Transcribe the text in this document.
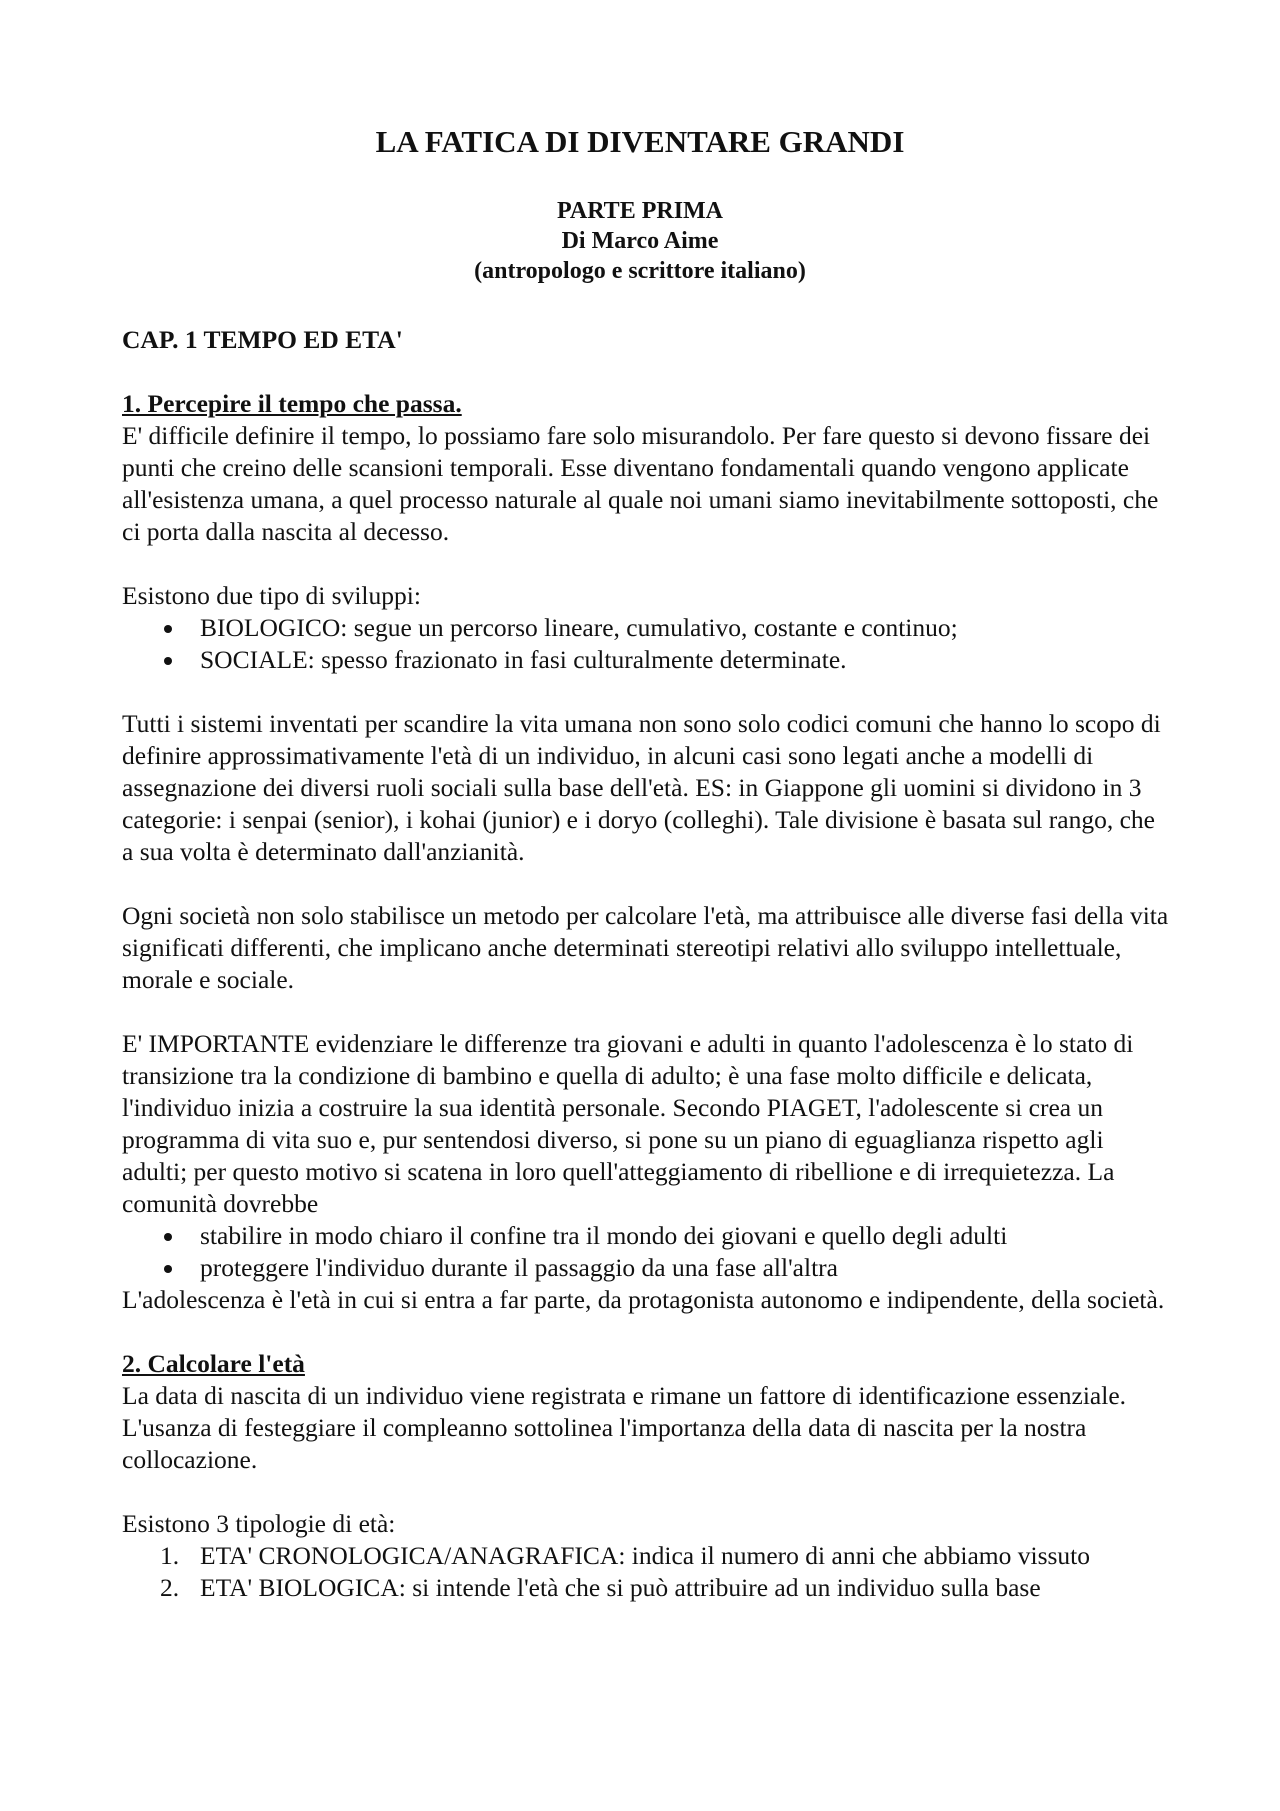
LA FATICA DI DIVENTARE GRANDI
PARTE PRIMA
Di Marco Aime
(antropologo e scrittore italiano)
CAP. 1 TEMPO ED ETA'
1. Percepire il tempo che passa.

E' difficile definire il tempo, lo possiamo fare solo misurandolo. Per fare questo si devono fissare dei punti che creino delle scansioni temporali. Esse diventano fondamentali quando vengono applicate all'esistenza umana, a quel processo naturale al quale noi umani siamo inevitabilmente sottoposti, che ci porta dalla nascita al decesso.

Esistono due tipo di sviluppi:

BIOLOGICO: segue un percorso lineare, cumulativo, costante e continuo;
SOCIALE: spesso frazionato in fasi culturalmente determinate.

Tutti i sistemi inventati per scandire la vita umana non sono solo codici comuni che hanno lo scopo di definire approssimativamente l'età di un individuo, in alcuni casi sono legati anche a modelli di assegnazione dei diversi ruoli sociali sulla base dell'età. ES: in Giappone gli uomini si dividono in 3 categorie: i senpai (senior), i kohai (junior) e i doryo (colleghi). Tale divisione è basata sul rango, che a sua volta è determinato dall'anzianità.

Ogni società non solo stabilisce un metodo per calcolare l'età, ma attribuisce alle diverse fasi della vita significati differenti, che implicano anche determinati stereotipi relativi allo sviluppo intellettuale, morale e sociale.

E' IMPORTANTE evidenziare le differenze tra giovani e adulti in quanto l'adolescenza è lo stato di transizione tra la condizione di bambino e quella di adulto; è una fase molto difficile e delicata, l'individuo inizia a costruire la sua identità personale. Secondo PIAGET, l'adolescente si crea un programma di vita suo e, pur sentendosi diverso, si pone su un piano di eguaglianza rispetto agli adulti; per questo motivo si scatena in loro quell'atteggiamento di ribellione e di irrequietezza. La comunità dovrebbe

stabilire in modo chiaro il confine tra il mondo dei giovani e quello degli adulti
proteggere l'individuo durante il passaggio da una fase all'altra

L'adolescenza è l'età in cui si entra a far parte, da protagonista autonomo e indipendente, della società.

2. Calcolare l'età

La data di nascita di un individuo viene registrata e rimane un fattore di identificazione essenziale. L'usanza di festeggiare il compleanno sottolinea l'importanza della data di nascita per la nostra collocazione.

Esistono 3 tipologie di età:

1. ETA' CRONOLOGICA/ANAGRAFICA: indica il numero di anni che abbiamo vissuto
2. ETA' BIOLOGICA: si intende l'età che si può attribuire ad un individuo sulla base
